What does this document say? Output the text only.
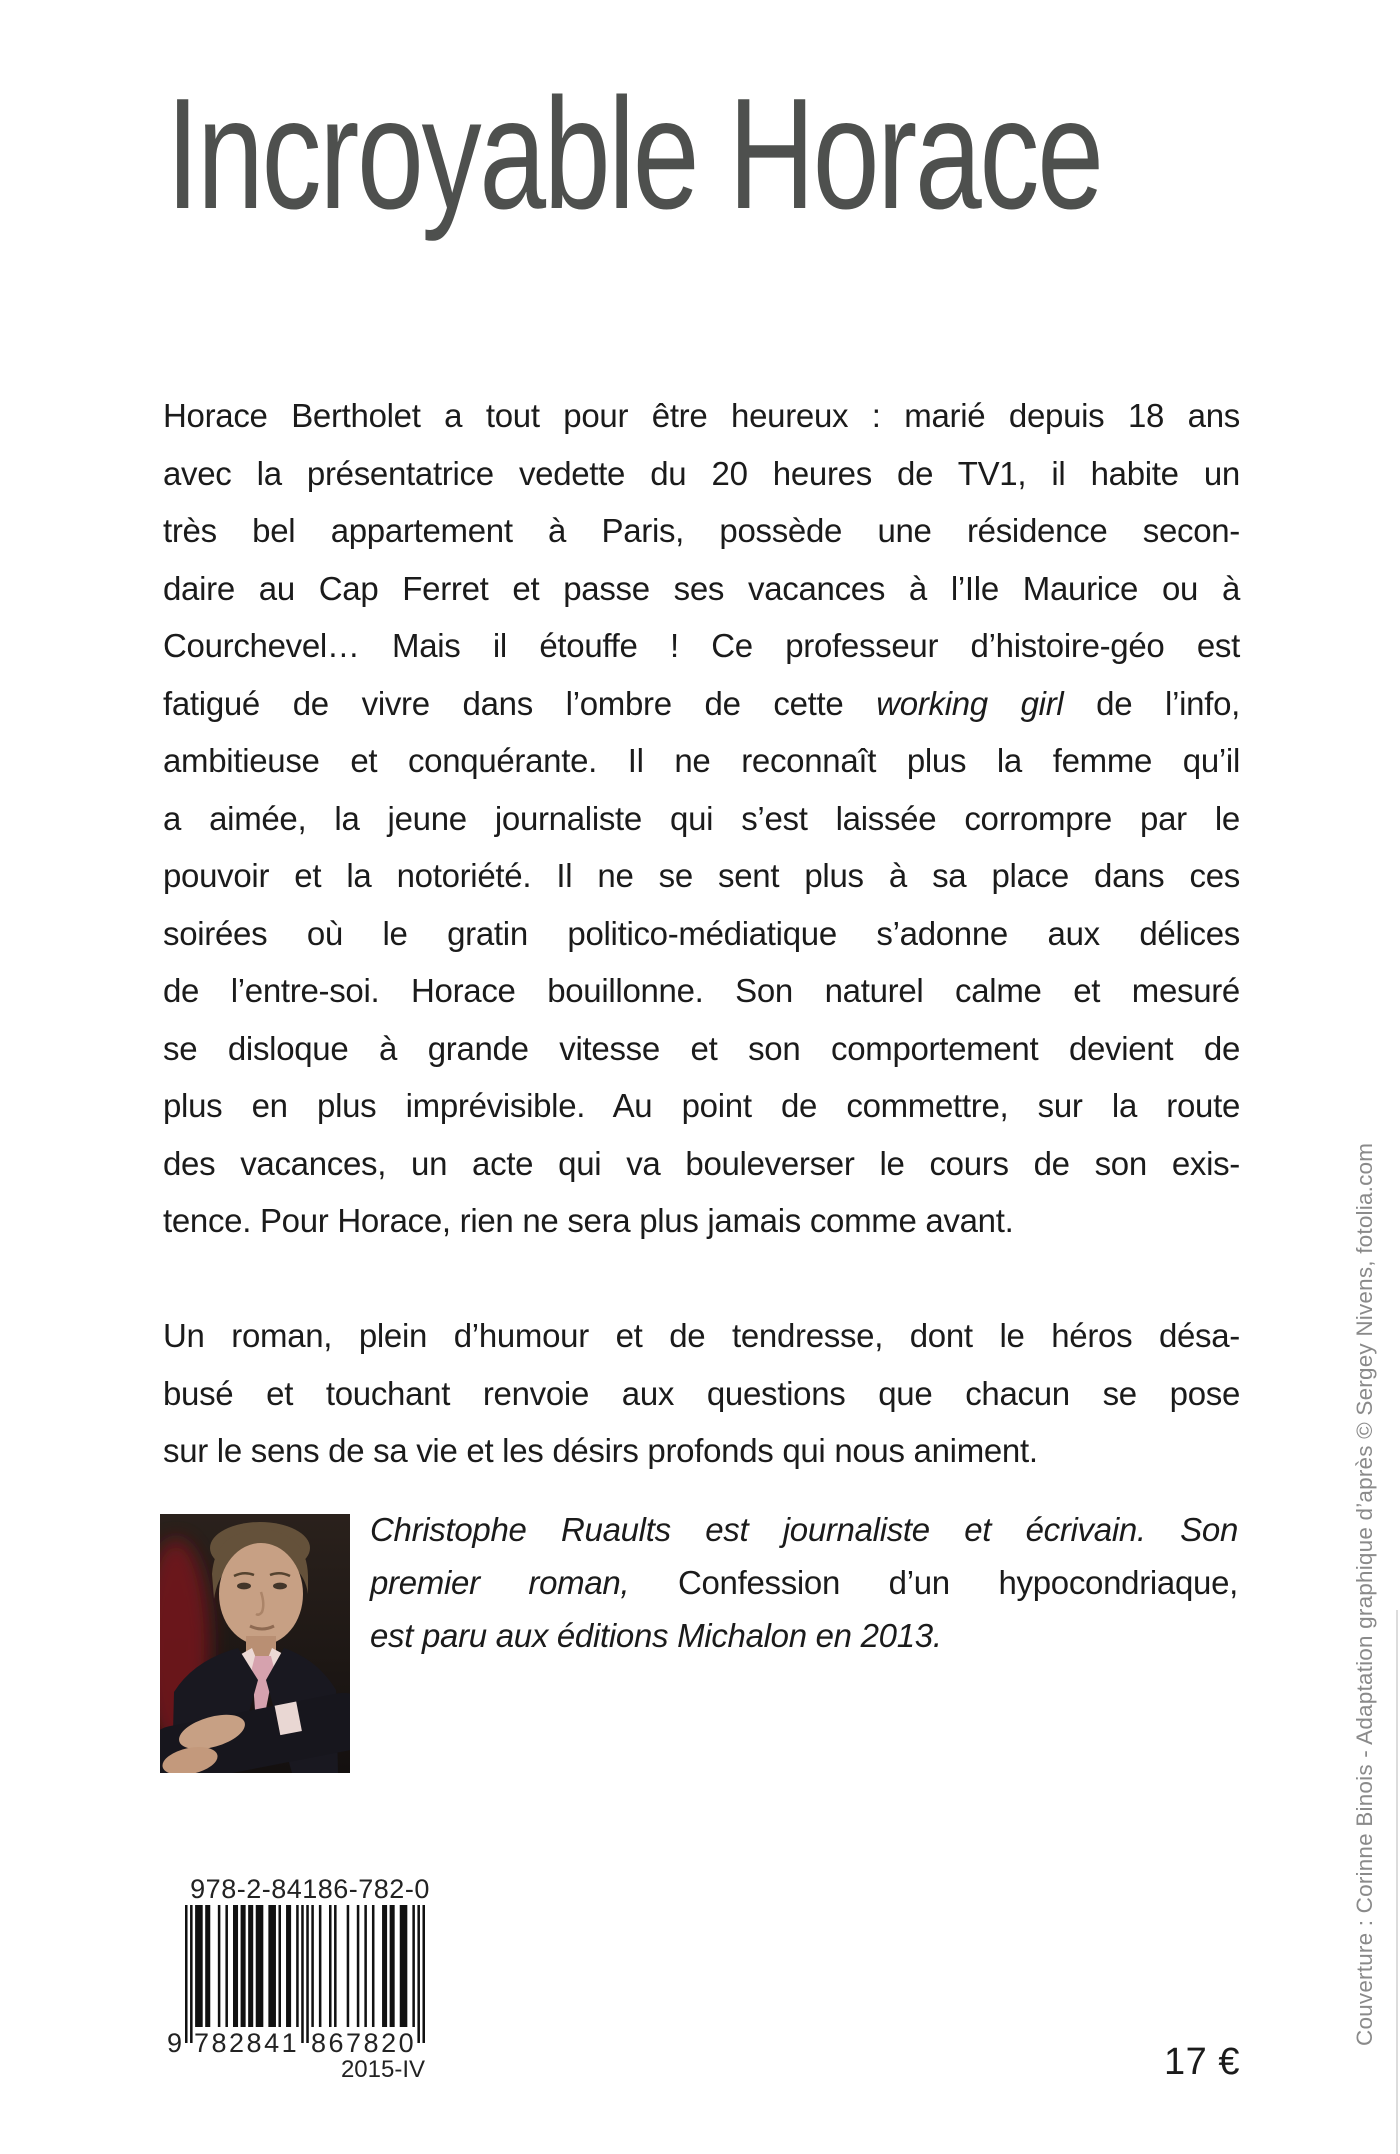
Incroyable Horace
Horace Bertholet a tout pour être heureux : marié depuis 18 ans
avec la présentatrice vedette du 20 heures de TV1, il habite un
très bel appartement à Paris, possède une résidence secon-
daire au Cap Ferret et passe ses vacances à l’Ile Maurice ou à
Courchevel… Mais il étouffe ! Ce professeur d’histoire-géo est
fatigué de vivre dans l’ombre de cette working girl de l’info,
ambitieuse et conquérante. Il ne reconnaît plus la femme qu’il
a aimée, la jeune journaliste qui s’est laissée corrompre par le
pouvoir et la notoriété. Il ne se sent plus à sa place dans ces
soirées où le gratin politico-médiatique s’adonne aux délices
de l’entre-soi. Horace bouillonne. Son naturel calme et mesuré
se disloque à grande vitesse et son comportement devient de
plus en plus imprévisible. Au point de commettre, sur la route
des vacances, un acte qui va bouleverser le cours de son exis-
tence. Pour Horace, rien ne sera plus jamais comme avant.
Un roman, plein d’humour et de tendresse, dont le héros désa-
busé et touchant renvoie aux questions que chacun se pose
sur le sens de sa vie et les désirs profonds qui nous animent.
Christophe Ruaults est journaliste et écrivain. Son
premier roman, Confession d’un hypocondriaque,
est paru aux éditions Michalon en 2013.
978-2-84186-782-0
9 782841 867820
2015-IV	17 €
Couverture : Corinne Binois - Adaptation graphique d’après © Sergey Nivens, fotolia.com
